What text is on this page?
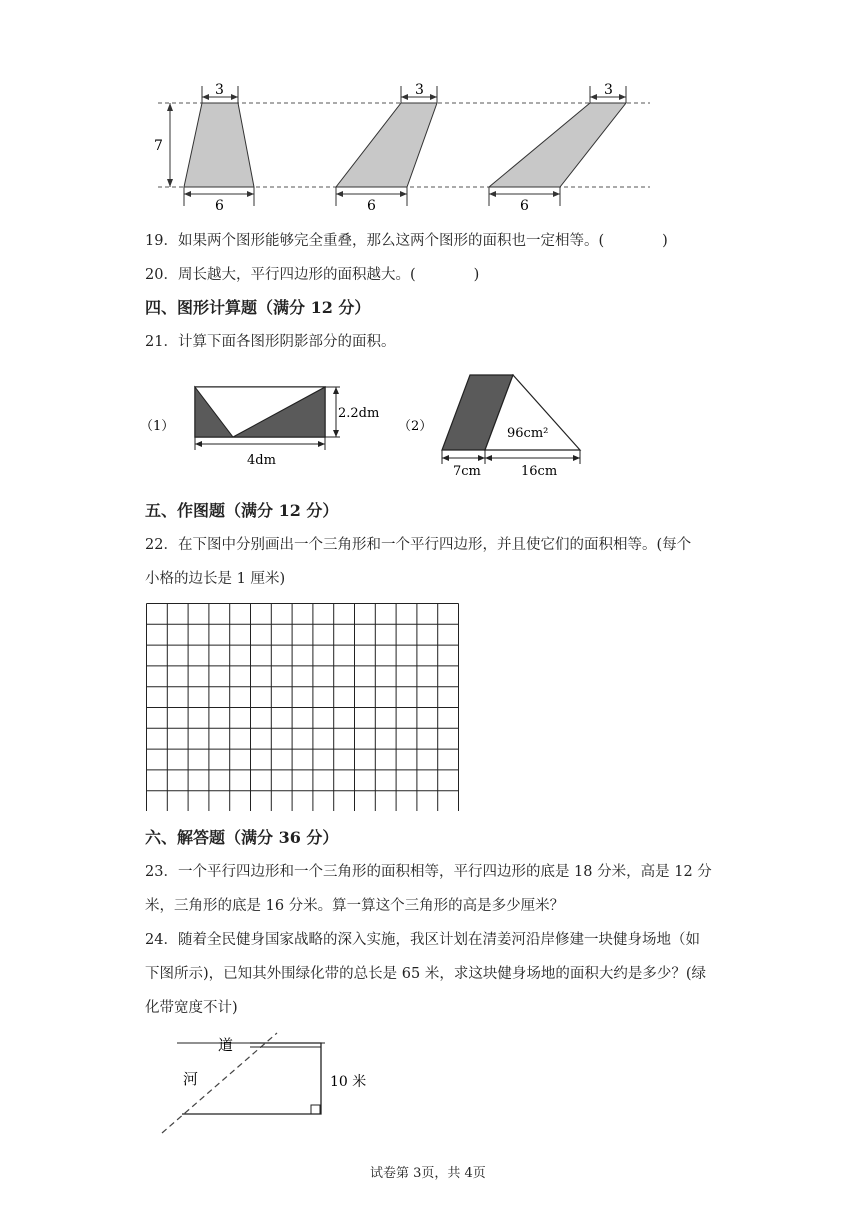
7
3
6
3
6
3
6
19．如果两个图形能够完全重叠，那么这两个图形的面积也一定相等。(　　　　)
20．周长越大，平行四边形的面积越大。(　　　　)
四、图形计算题（满分 12 分）
21．计算下面各图形阴影部分的面积。
（1）
4dm
2.2dm
（2）	96cm²
7cm	16cm
五、作图题（满分 12 分）
22．在下图中分别画出一个三角形和一个平行四边形，并且使它们的面积相等。(每个
小格的边长是 1 厘米)
六、解答题（满分 36 分）
23．一个平行四边形和一个三角形的面积相等，平行四边形的底是 18 分米，高是 12 分
米，三角形的底是 16 分米。算一算这个三角形的高是多少厘米？
24．随着全民健身国家战略的深入实施，我区计划在清姜河沿岸修建一块健身场地（如
下图所示)，已知其外围绿化带的总长是 65 米，求这块健身场地的面积大约是多少？(绿
化带宽度不计)
道
河	10 米
试卷第 3页，共 4页
